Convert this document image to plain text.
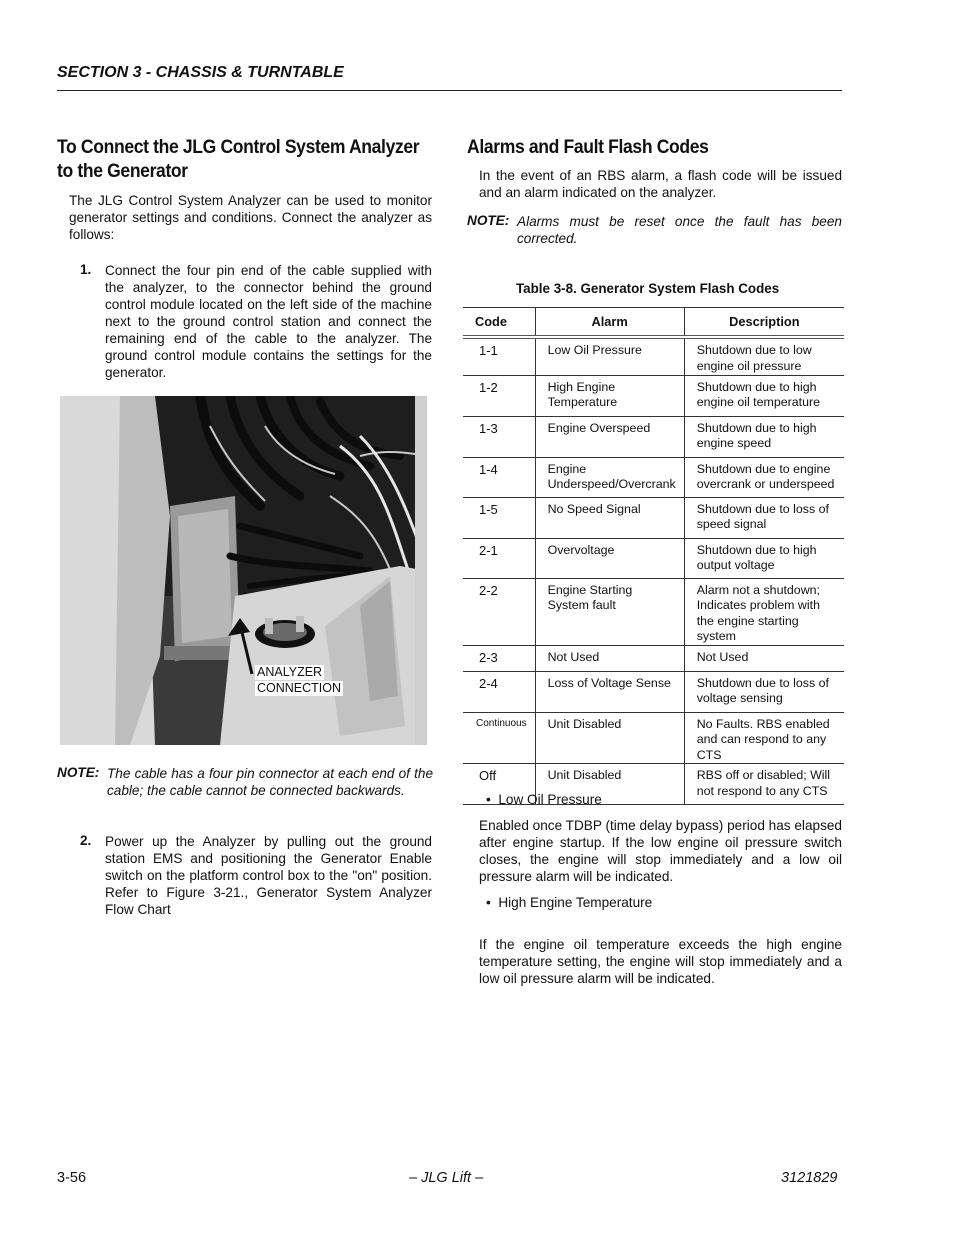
SECTION 3 - CHASSIS & TURNTABLE
To Connect the JLG Control System Analyzer
to the Generator
The JLG Control System Analyzer can be used to monitor generator settings and conditions. Connect the analyzer as follows:
1. Connect the four pin end of the cable supplied with the analyzer, to the connector behind the ground control module located on the left side of the machine next to the ground control station and connect the remaining end of the cable to the analyzer. The ground control module contains the settings for the generator.
ANALYZER
CONNECTION
NOTE: The cable has a four pin connector at each end of the cable; the cable cannot be connected backwards.
2. Power up the Analyzer by pulling out the ground station EMS and positioning the Generator Enable switch on the platform control box to the "on" position. Refer to Figure 3-21., Generator System Analyzer Flow Chart
Alarms and Fault Flash Codes
In the event of an RBS alarm, a flash code will be issued and an alarm indicated on the analyzer.
NOTE: Alarms must be reset once the fault has been corrected.
Table 3-8. Generator System Flash Codes
Code	Alarm	Description
1-1	Low Oil Pressure	Shutdown due to low engine oil pressure
1-2	High Engine Temperature	Shutdown due to high engine oil temperature
1-3	Engine Overspeed	Shutdown due to high engine speed
1-4	Engine Underspeed/Overcrank	Shutdown due to engine overcrank or underspeed
1-5	No Speed Signal	Shutdown due to loss of speed signal
2-1	Overvoltage	Shutdown due to high output voltage
2-2	Engine Starting System fault	Alarm not a shutdown; Indicates problem with the engine starting system
2-3	Not Used	Not Used
2-4	Loss of Voltage Sense	Shutdown due to loss of voltage sensing
Continuous	Unit Disabled	No Faults. RBS enabled and can respond to any CTS
Off	Unit Disabled	RBS off or disabled; Will not respond to any CTS
•  Low Oil Pressure
Enabled once TDBP (time delay bypass) period has elapsed after engine startup. If the low engine oil pressure switch closes, the engine will stop immediately and a low oil pressure alarm will be indicated.
•  High Engine Temperature
If the engine oil temperature exceeds the high engine temperature setting, the engine will stop immediately and a low oil pressure alarm will be indicated.
3-56	– JLG Lift –	3121829
